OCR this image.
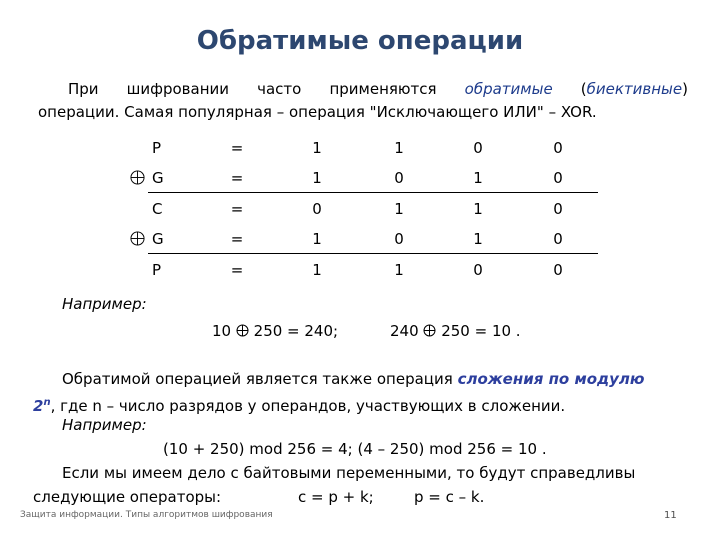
Обратимые операции
При шифровании часто применяются обратимые (биективные)
операции. Самая популярная – операция "Исключающего ИЛИ" – XOR.
P	=	1	1	0	0
G	=	1	0	1	0
C	=	0	1	1	0
G	=	1	0	1	0
P	=	1	1	0	0
Например:
10 250 = 240;	240 250 = 10 .
Обратимой операцией является также операция сложения по модулю
2$^n$, где n – число разрядов у операндов, участвующих в сложении.
Например:
(10 + 250) mod 256 = 4; (4 – 250) mod 256 = 10 .
Если мы имеем дело с байтовыми переменными, то будут справедливы
следующие операторы:	c = p + k;	p = c – k.
Защита информации. Типы алгоритмов шифрования	11
